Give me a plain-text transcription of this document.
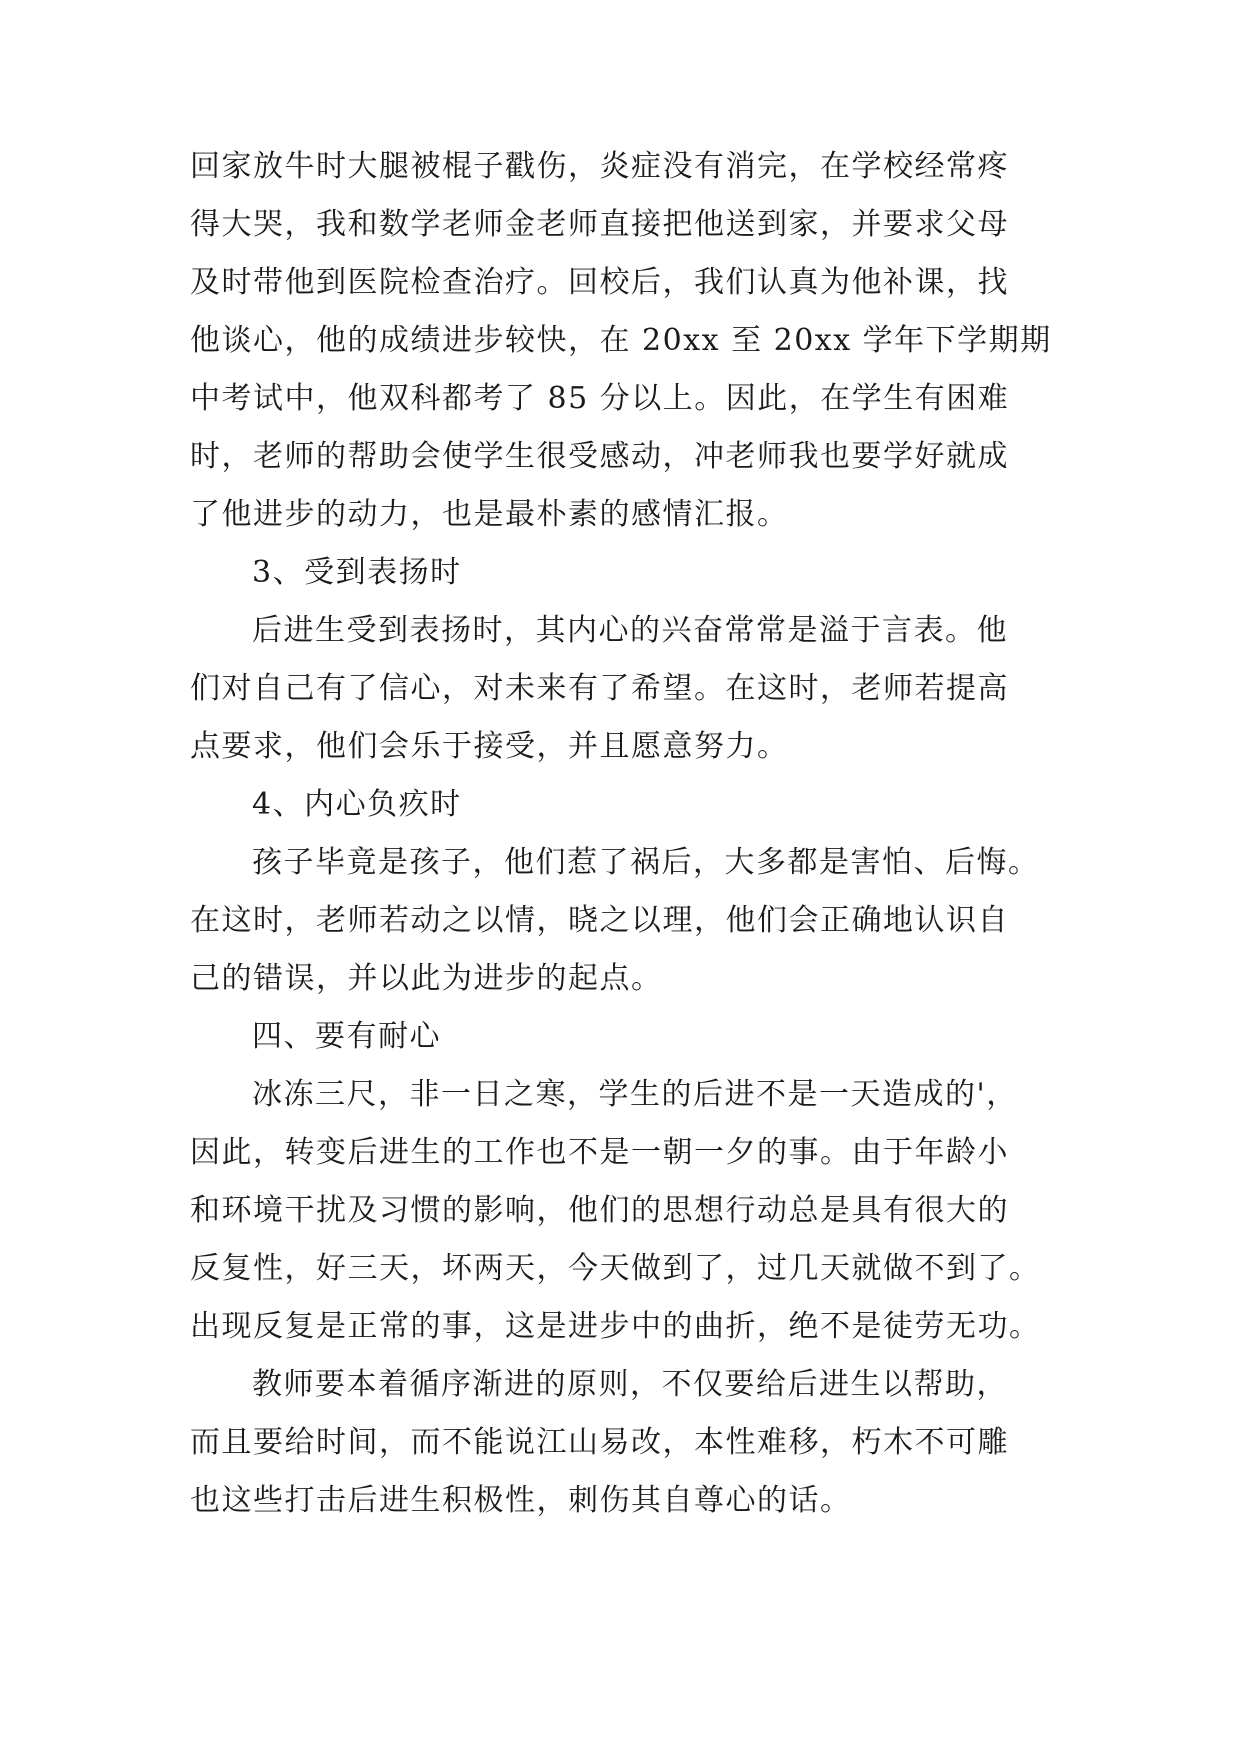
回家放牛时大腿被棍子戳伤，炎症没有消完，在学校经常疼
得大哭，我和数学老师金老师直接把他送到家，并要求父母
及时带他到医院检查治疗。回校后，我们认真为他补课，找
他谈心，他的成绩进步较快，在 20xx 至 20xx 学年下学期期
中考试中，他双科都考了 85 分以上。因此，在学生有困难
时，老师的帮助会使学生很受感动，冲老师我也要学好就成
了他进步的动力，也是最朴素的感情汇报。
3、受到表扬时
后进生受到表扬时，其内心的兴奋常常是溢于言表。他
们对自己有了信心，对未来有了希望。在这时，老师若提高
点要求，他们会乐于接受，并且愿意努力。
4、内心负疚时
孩子毕竟是孩子，他们惹了祸后，大多都是害怕、后悔。
在这时，老师若动之以情，晓之以理，他们会正确地认识自
己的错误，并以此为进步的起点。
四、要有耐心
冰冻三尺，非一日之寒，学生的后进不是一天造成的'，
因此，转变后进生的工作也不是一朝一夕的事。由于年龄小
和环境干扰及习惯的影响，他们的思想行动总是具有很大的
反复性，好三天，坏两天，今天做到了，过几天就做不到了。
出现反复是正常的事，这是进步中的曲折，绝不是徒劳无功。
教师要本着循序渐进的原则，不仅要给后进生以帮助，
而且要给时间，而不能说江山易改，本性难移，朽木不可雕
也这些打击后进生积极性，刺伤其自尊心的话。
